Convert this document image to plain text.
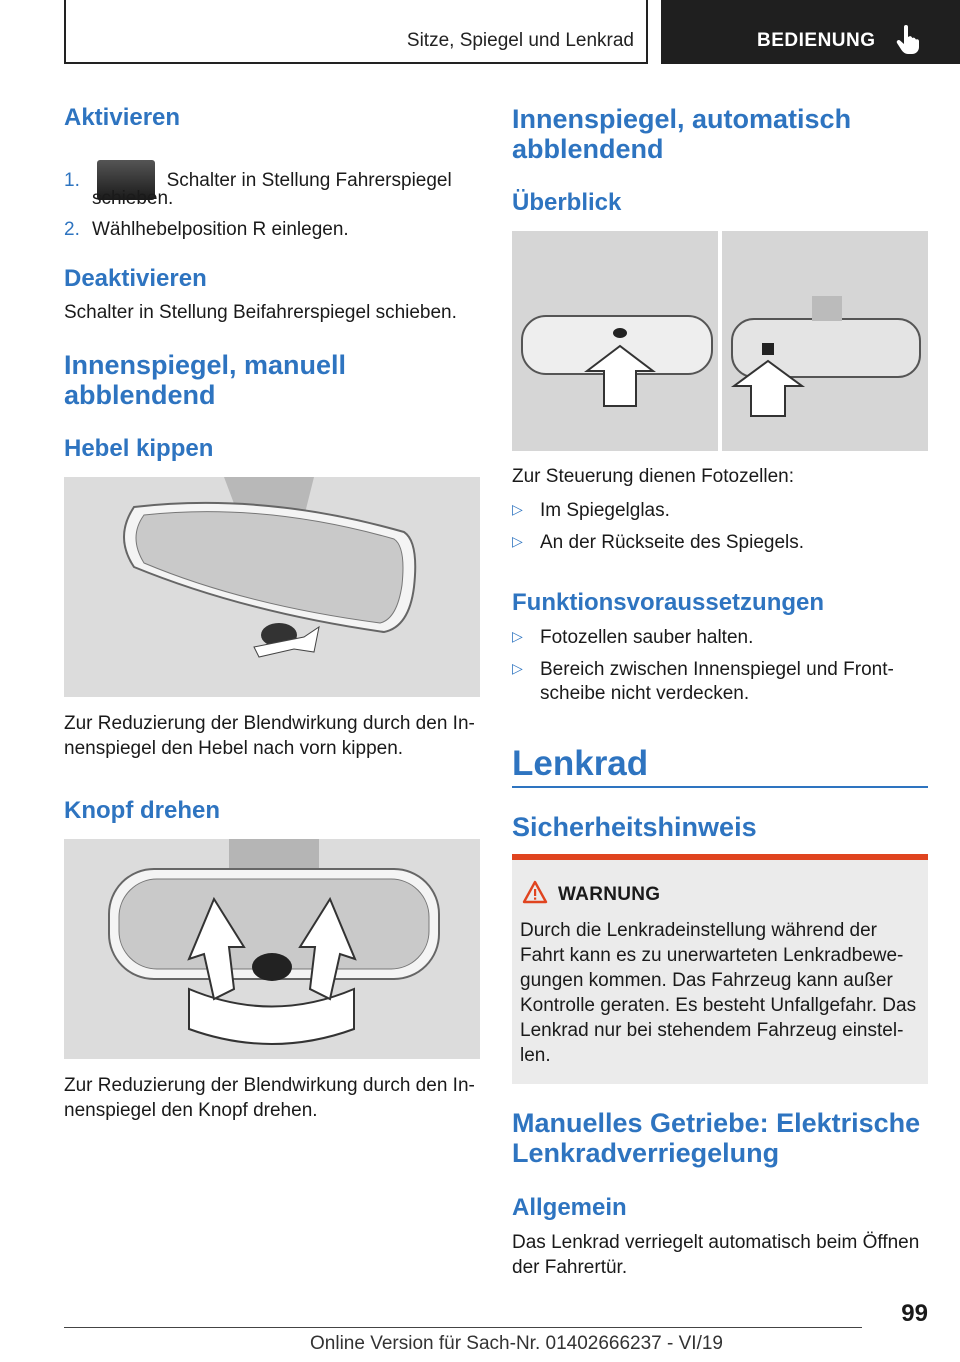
Sitze, Spiegel und Lenkrad	BEDIENUNG
Aktivieren
1.	Schalter in Stellung Fahrerspiegel
schieben.
2. Wählhebelposition R einlegen.
Deaktivieren
Schalter in Stellung Beifahrerspiegel schieben.
Innenspiegel, manuell
abblendend
Hebel kippen
Zur Reduzierung der Blendwirkung durch den In-
nenspiegel den Hebel nach vorn kippen.
Knopf drehen
Zur Reduzierung der Blendwirkung durch den In-
nenspiegel den Knopf drehen.
Innenspiegel, automatisch
abblendend
Überblick
Zur Steuerung dienen Fotozellen:
▷ Im Spiegelglas.
▷ An der Rückseite des Spiegels.
Funktionsvoraussetzungen
▷ Fotozellen sauber halten.
▷ Bereich zwischen Innenspiegel und Front-
scheibe nicht verdecken.
Lenkrad
Sicherheitshinweis
WARNUNG
Durch die Lenkradeinstellung während der
Fahrt kann es zu unerwarteten Lenkradbewe-
gungen kommen. Das Fahrzeug kann außer
Kontrolle geraten. Es besteht Unfallgefahr. Das
Lenkrad nur bei stehendem Fahrzeug einstel-
len.
Manuelles Getriebe: Elektrische
Lenkradverriegelung
Allgemein
Das Lenkrad verriegelt automatisch beim Öffnen
der Fahrertür.
99
Online Version für Sach-Nr. 01402666237 - VI/19
